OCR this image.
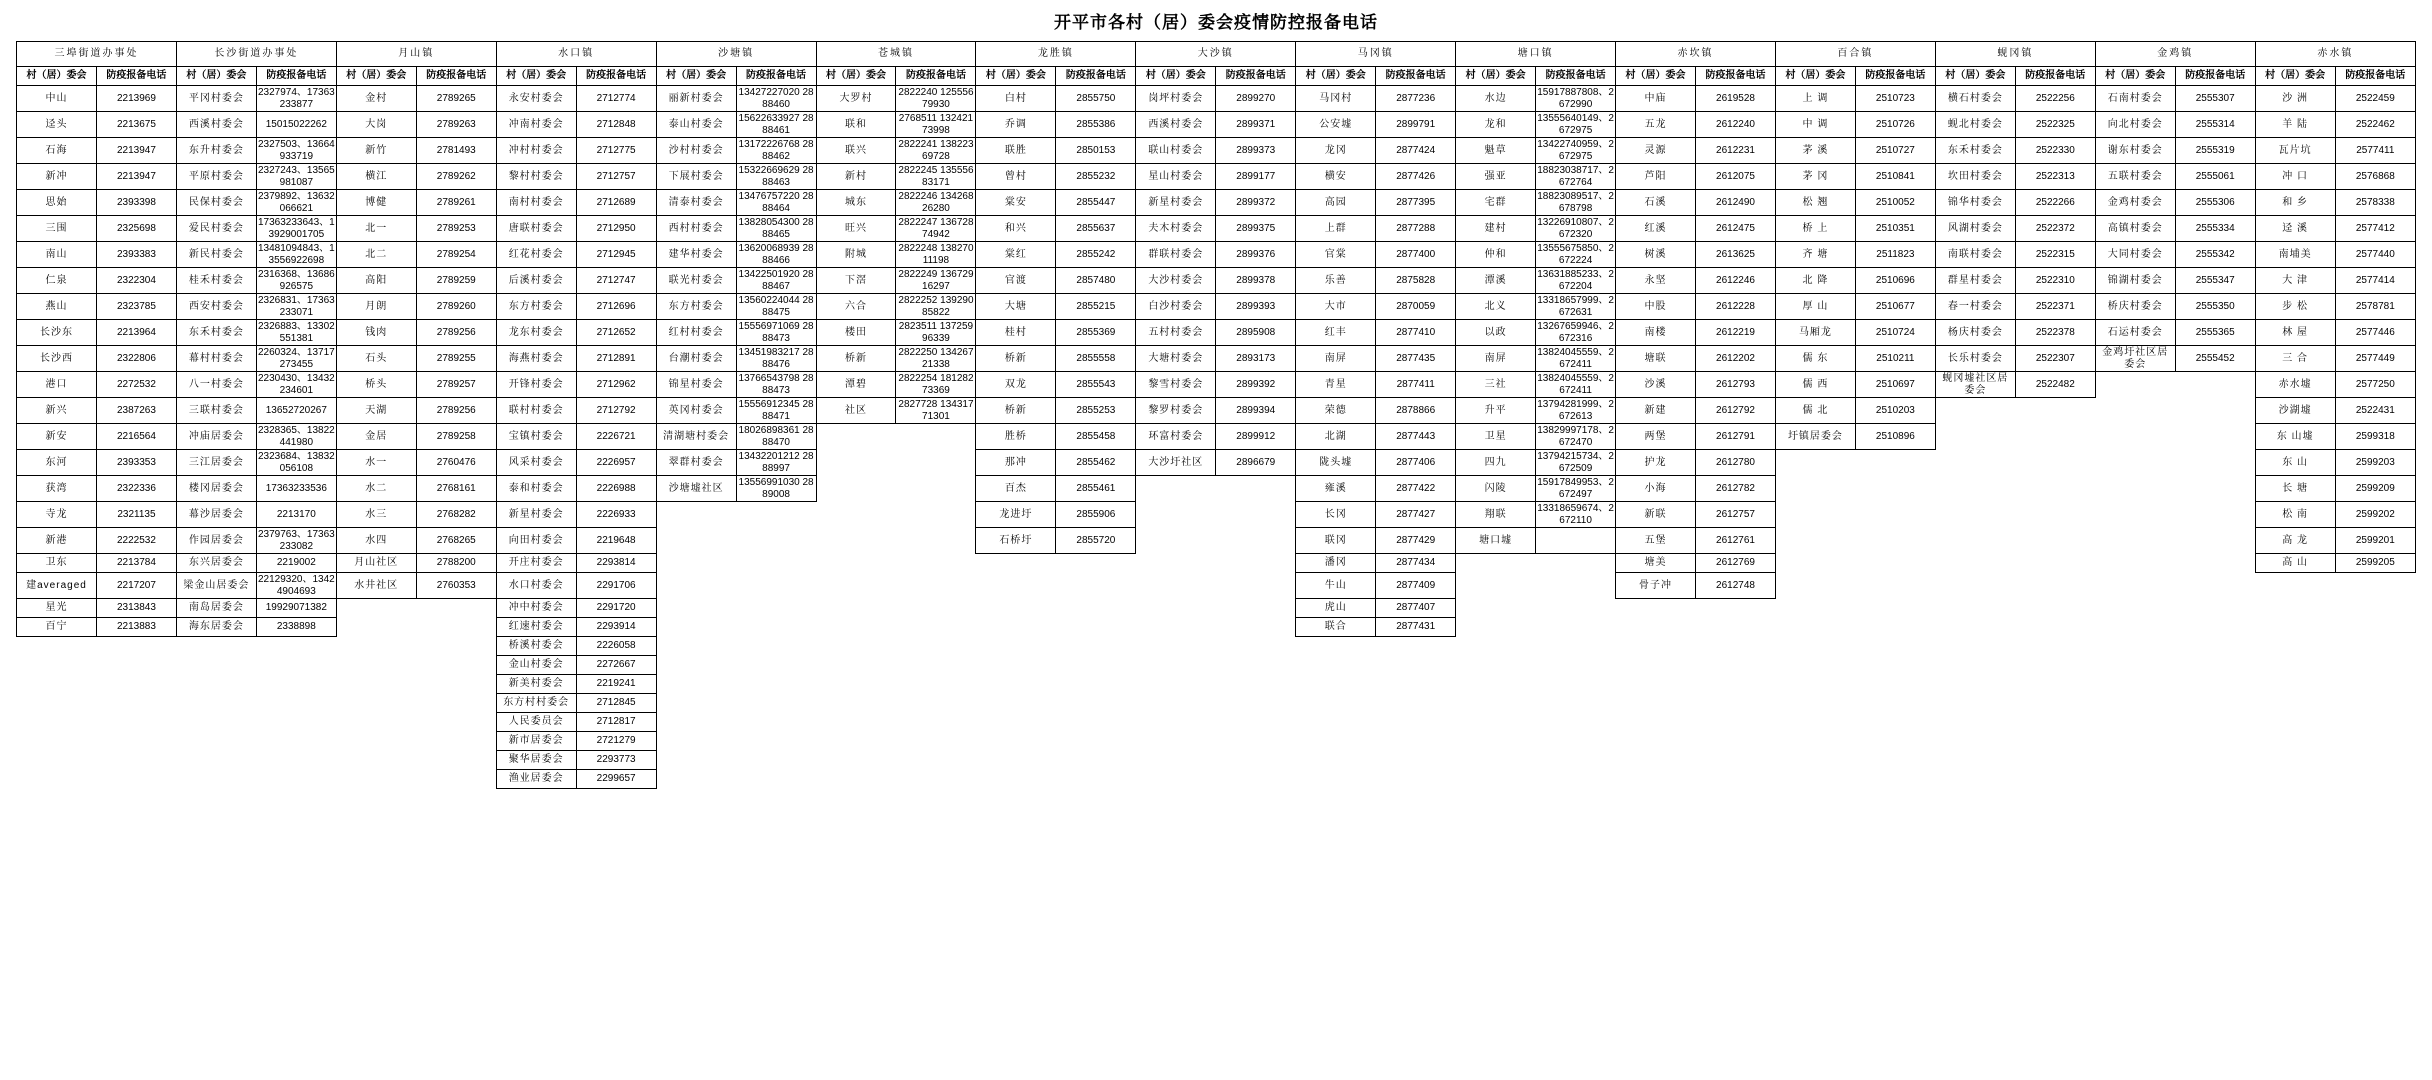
开平市各村（居）委会疫情防控报备电话
三埠街道办事处		长沙街道办事处		月山镇		水口镇		沙塘镇		苍城镇		龙胜镇		大沙镇		马冈镇		塘口镇		赤坎镇		百合镇		蚬冈镇		金鸡镇		赤水镇	
村（居）委会	防疫报备电话	村（居）委会	防疫报备电话	村（居）委会	防疫报备电话	村（居）委会	防疫报备电话	村（居）委会	防疫报备电话	村（居）委会	防疫报备电话	村（居）委会	防疫报备电话	村（居）委会	防疫报备电话	村（居）委会	防疫报备电话	村（居）委会	防疫报备电话	村（居）委会	防疫报备电话	村（居）委会	防疫报备电话	村（居）委会	防疫报备电话	村（居）委会	防疫报备电话	村（居）委会	防疫报备电话
中山	2213969	平冈村委会	2327974、17363233877	金村	2789265	永安村委会	2712774	丽新村委会	13427227020 2888460	大罗村	2822240 12555679930	白村	2855750	岗坪村委会	2899270	马冈村	2877236	水边	15917887808、2672990	中庙	2619528	上 调	2510723	横石村委会	2522256	石南村委会	2555307	沙 洲	2522459
迳头	2213675	西溪村委会	15015022262	大岗	2789263	冲南村委会	2712848	泰山村委会	15622633927 2888461	联和	2768511 13242173998	乔调	2855386	西溪村委会	2899371	公安墟	2899791	龙和	13555640149、2672975	五龙	2612240	中 调	2510726	蚬北村委会	2522325	向北村委会	2555314	羊 陆	2522462
石海	2213947	东升村委会	2327503、13664933719	新竹	2781493	冲村村委会	2712775	沙村村委会	13172226768 2888462	联兴	2822241 13822369728	联胜	2850153	联山村委会	2899373	龙冈	2877424	魁草	13422740959、2672975	灵源	2612231	茅 溪	2510727	东禾村委会	2522330	谢东村委会	2555319	瓦片坑	2577411
新冲	2213947	平原村委会	2327243、13565981087	横江	2789262	黎村村委会	2712757	下展村委会	15322669629 2888463	新村	2822245 13555683171	曾村	2855232	星山村委会	2899177	横安	2877426	强亚	18823038717、2672764	芦阳	2612075	茅 冈	2510841	坎田村委会	2522313	五联村委会	2555061	冲 口	2576868
思始	2393398	民保村委会	2379892、13632066621	博健	2789261	南村村委会	2712689	清泰村委会	13476757220 2888464	城东	2822246 13426826280	棠安	2855447	新星村委会	2899372	高园	2877395	宅群	18823089517、2678798	石溪	2612490	松 翘	2510052	锦华村委会	2522266	金鸡村委会	2555306	和 乡	2578338
三围	2325698	爱民村委会	17363233643、13929001705	北一	2789253	唐联村委会	2712950	西村村委会	13828054300 2888465	旺兴	2822247 13672874942	和兴	2855637	夫木村委会	2899375	上群	2877288	建村	13226910807、2672320	红溪	2612475	桥 上	2510351	风湖村委会	2522372	高镇村委会	2555334	迳 溪	2577412
南山	2393383	新民村委会	13481094843、13556922698	北二	2789254	红花村委会	2712945	建华村委会	13620068939 2888466	附城	2822248 13827011198	棠红	2855242	群联村委会	2899376	官棠	2877400	仲和	13555675850、2672224	树溪	2613625	齐 塘	2511823	南联村委会	2522315	大同村委会	2555342	南埔美	2577440
仁泉	2322304	桂禾村委会	2316368、13686926575	高阳	2789259	后溪村委会	2712747	联光村委会	13422501920 2888467	下滘	2822249 13672916297	官渡	2857480	大沙村委会	2899378	乐善	2875828	潭溪	13631885233、2672204	永坚	2612246	北 降	2510696	群星村委会	2522310	锦湖村委会	2555347	大 津	2577414
燕山	2323785	西安村委会	2326831、17363233071	月朗	2789260	东方村委会	2712696	东方村委会	13560224044 2888475	六合	2822252 13929085822	大塘	2855215	白沙村委会	2899393	大市	2870059	北义	13318657999、2672631	中股	2612228	厚 山	2510677	春一村委会	2522371	桥庆村委会	2555350	步 松	2578781
长沙东	2213964	东禾村委会	2326883、13302551381	钱肉	2789256	龙东村委会	2712652	红村村委会	15556971069 2888473	楼田	2823511 13725996339	桂村	2855369	五村村委会	2895908	红丰	2877410	以政	13267659946、2672316	南楼	2612219	马厢龙	2510724	杨庆村委会	2522378	石运村委会	2555365	林 屋	2577446
长沙西	2322806	幕村村委会	2260324、13717273455	石头	2789255	海燕村委会	2712891	台潮村委会	13451983217 2888476	桥新	2822250 13426721338	桥新	2855558	大塘村委会	2893173	南屏	2877435	南屏	13824045559、2672411	塘联	2612202	儒 东	2510211	长乐村委会	2522307	金鸡圩社区居委会	2555452	三 合	2577449
港口	2272532	八一村委会	2230430、13432234601	桥头	2789257	开锋村委会	2712962	锦星村委会	13766543798 2888473	潭碧	2822254 18128273369	双龙	2855543	黎雪村委会	2899392	青星	2877411	三社	13824045559、2672411	沙溪	2612793	儒 西	2510697	蚬冈墟社区居委会	2522482			赤水墟	2577250
新兴	2387263	三联村委会	13652720267	天湖	2789256	联村村委会	2712792	英冈村委会	15556912345 2888471	社区	2827728 13431771301	桥新	2855253	黎罗村委会	2899394	荣德	2878866	升平	13794281999、2672613	新建	2612792	儒 北	2510203					沙湖墟	2522431
新安	2216564	冲庙居委会	2328365、13822441980	金居	2789258	宝镇村委会	2226721	清湖塘村委会	18026898361 2888470			胜桥	2855458	环富村委会	2899912	北湖	2877443	卫星	13829997178、2672470	两堡	2612791	圩镇居委会	2510896					东 山墟	2599318
东河	2393353	三江居委会	2323684、13832056108	水一	2760476	风采村委会	2226957	翠群村委会	13432201212 2888997			那冲	2855462	大沙圩社区	2896679	陇头墟	2877406	四九	13794215734、2672509	护龙	2612780							东 山	2599203
获湾	2322336	楼冈居委会	17363233536	水二	2768161	泰和村委会	2226988	沙塘墟社区	13556991030 2889008			百杰	2855461			雍溪	2877422	闪陵	15917849953、2672497	小海	2612782							长 塘	2599209
寺龙	2321135	幕沙居委会	2213170	水三	2768282	新星村委会	2226933					龙进圩	2855906			长冈	2877427	翔联	13318659674、2672110	新联	2612757							松 南	2599202
新港	2222532	作园居委会	2379763、17363233082	水四	2768265	向田村委会	2219648					石桥圩	2855720			联冈	2877429	塘口墟		五堡	2612761							高 龙	2599201
卫东	2213784	东兴居委会	2219002	月山社区	2788200	开庄村委会	2293814									潘冈	2877434			塘美	2612769							高 山	2599205
建averaged	2217207	梁金山居委会	22129320、13424904693	水井社区	2760353	水口村委会	2291706									牛山	2877409			骨子冲	2612748								
星光	2313843	南岛居委会	19929071382			冲中村委会	2291720									虎山	2877407												
百宁	2213883	海东居委会	2338898			红速村委会	2293914									联合	2877431												
						桥溪村委会	2226058																						
						金山村委会	2272667																						
						新美村委会	2219241																						
						东方村村委会	2712845																						
						人民委员会	2712817																						
						新市居委会	2721279																						
						聚华居委会	2293773																						
						渔业居委会	2299657																						
